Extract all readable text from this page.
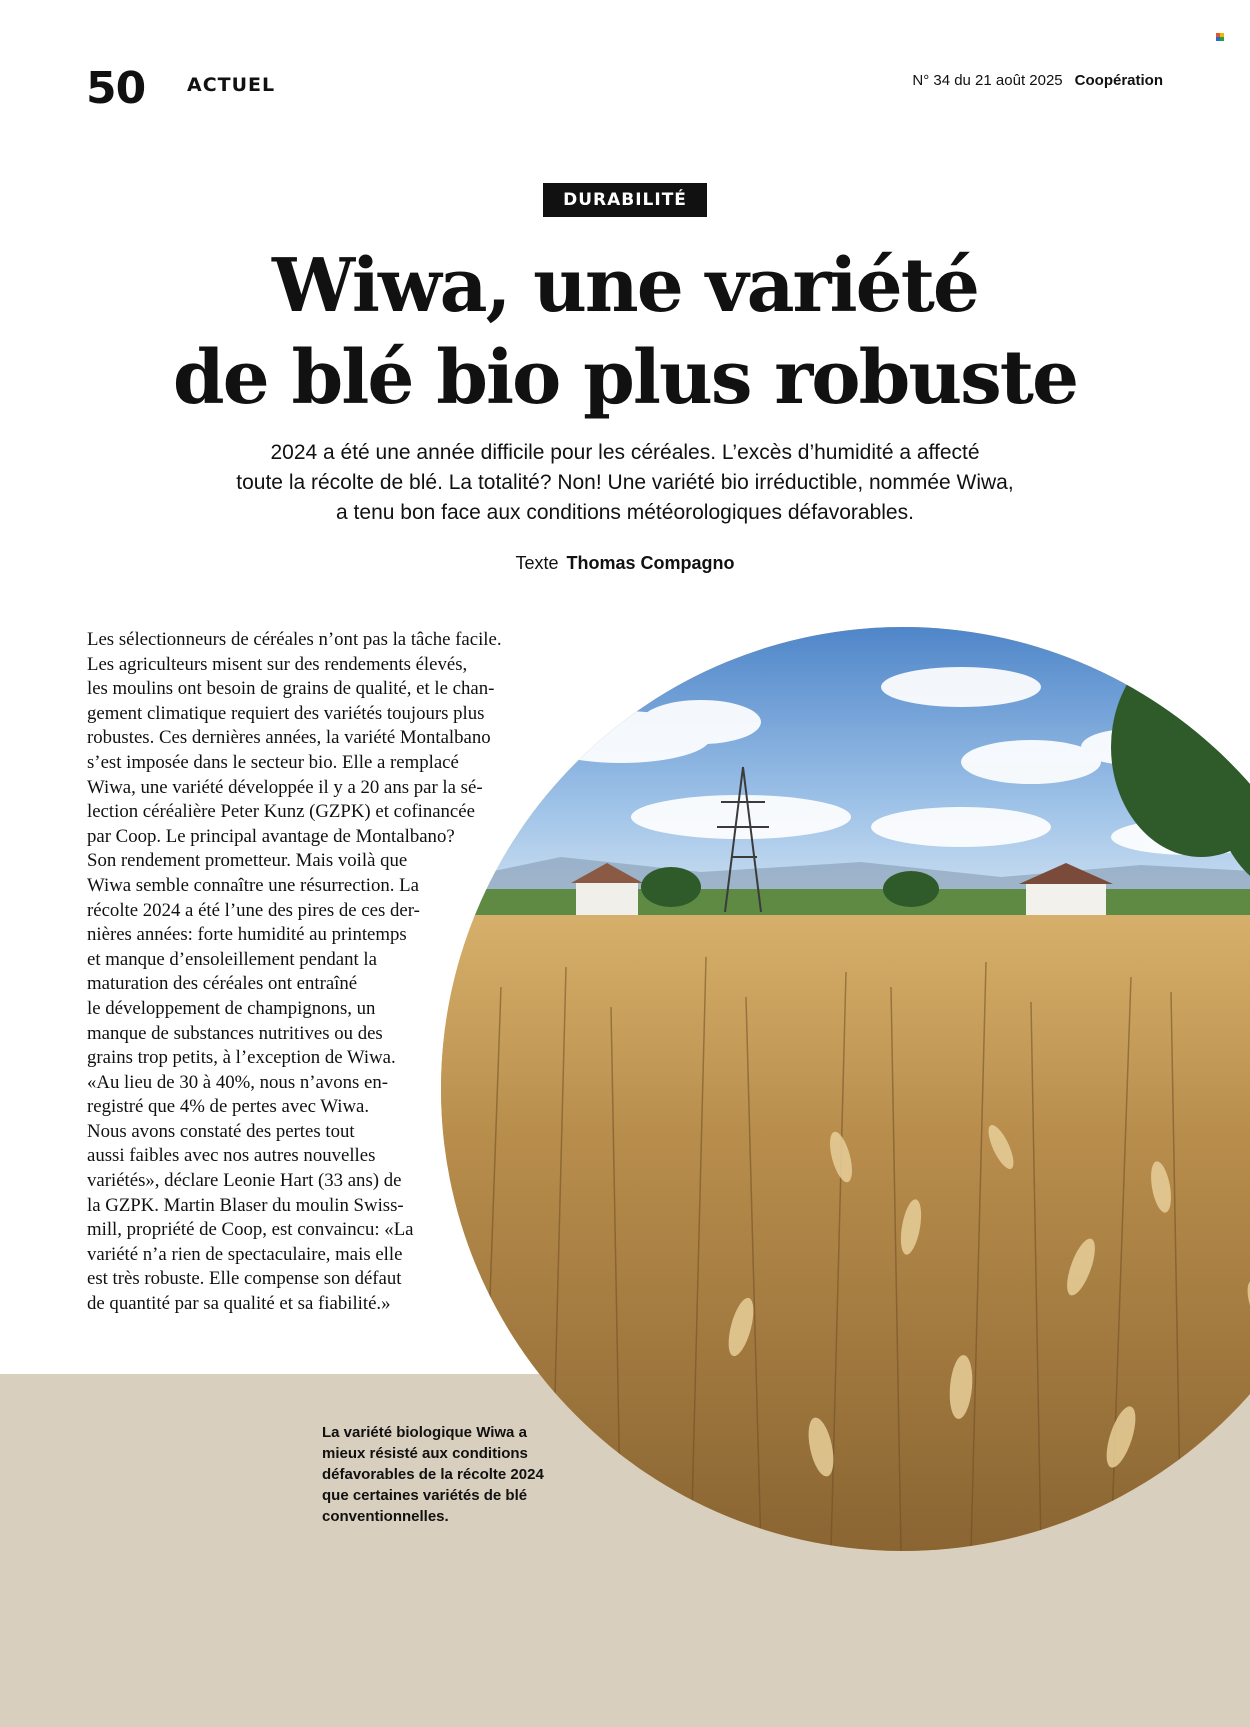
50 ACTUEL	N° 34 du 21 août 2025 Coopération
DURABILITÉ
Wiwa, une variété
de blé bio plus robuste

2024 a été une année difficile pour les céréales. L’excès d’humidité a affecté
toute la récolte de blé. La totalité? Non! Une variété bio irréductible, nommée Wiwa,
a tenu bon face aux conditions météorologiques défavorables.

Texte Thomas Compagno
Les sélectionneurs de céréales n’ont pas la tâche facile.
Les agriculteurs misent sur des rendements élevés,
les moulins ont besoin de grains de qualité, et le chan-
gement climatique requiert des variétés toujours plus
robustes. Ces dernières années, la variété Montalbano
s’est imposée dans le secteur bio. Elle a remplacé
Wiwa, une variété développée il y a 20 ans par la sé-
lection céréalière Peter Kunz (GZPK) et cofinancée
par Coop. Le principal avantage de Montalbano?
Son rendement prometteur. Mais voilà que
Wiwa semble connaître une résurrection. La
récolte 2024 a été l’une des pires de ces der-
nières années: forte humidité au printemps
et manque d’ensoleillement pendant la
maturation des céréales ont entraîné
le développement de champignons, un
manque de substances nutritives ou des
grains trop petits, à l’exception de Wiwa.
«Au lieu de 30 à 40%, nous n’avons en-
registré que 4% de pertes avec Wiwa.
Nous avons constaté des pertes tout
aussi faibles avec nos autres nouvelles
variétés», déclare Leonie Hart (33 ans) de
la GZPK. Martin Blaser du moulin Swiss-
mill, propriété de Coop, est convaincu: «La
variété n’a rien de spectaculaire, mais elle
est très robuste. Elle compense son défaut
de quantité par sa qualité et sa fiabilité.»
La variété biologique Wiwa a
mieux résisté aux conditions
défavorables de la récolte 2024
que certaines variétés de blé
conventionnelles.
